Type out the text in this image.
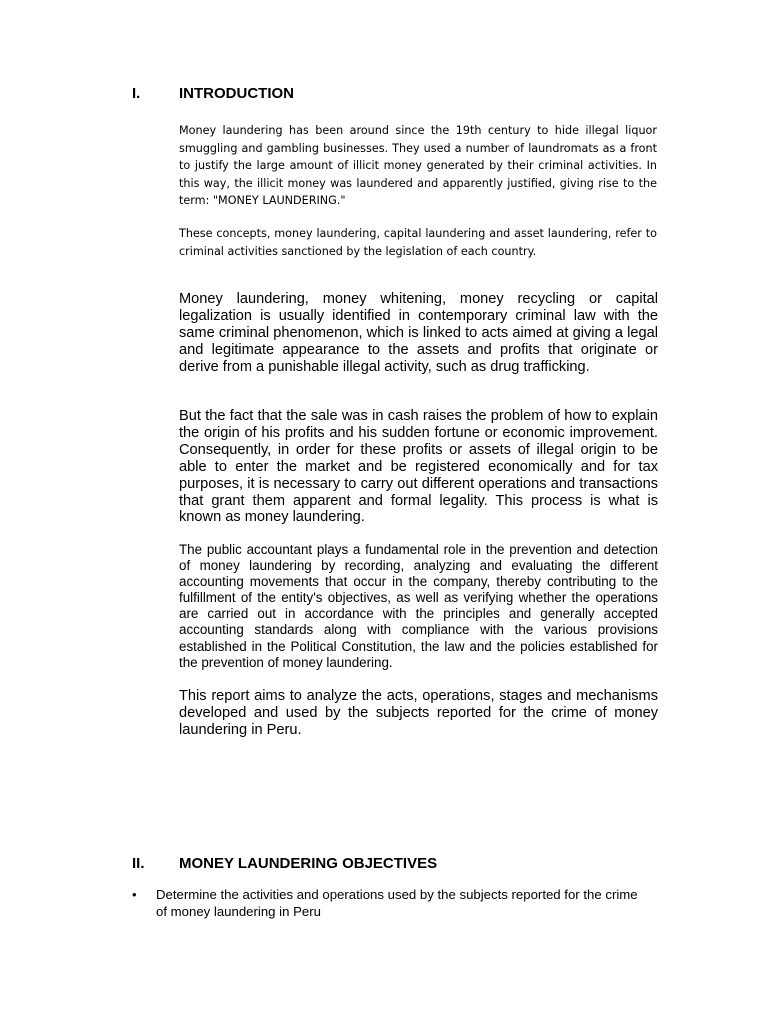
I.	INTRODUCTION

Money laundering has been around since the 19th century to hide illegal liquor smuggling and gambling businesses. They used a number of laundromats as a front to justify the large amount of illicit money generated by their criminal activities. In this way, the illicit money was laundered and apparently justified, giving rise to the term: "MONEY LAUNDERING."

These concepts, money laundering, capital laundering and asset laundering, refer to criminal activities sanctioned by the legislation of each country.

Money laundering, money whitening, money recycling or capital legalization is usually identified in contemporary criminal law with the same criminal phenomenon, which is linked to acts aimed at giving a legal and legitimate appearance to the assets and profits that originate or derive from a punishable illegal activity, such as drug trafficking.

But the fact that the sale was in cash raises the problem of how to explain the origin of his profits and his sudden fortune or economic improvement. Consequently, in order for these profits or assets of illegal origin to be able to enter the market and be registered economically and for tax purposes, it is necessary to carry out different operations and transactions that grant them apparent and formal legality. This process is what is known as money laundering.

The public accountant plays a fundamental role in the prevention and detection of money laundering by recording, analyzing and evaluating the different accounting movements that occur in the company, thereby contributing to the fulfillment of the entity's objectives, as well as verifying whether the operations are carried out in accordance with the principles and generally accepted accounting standards along with compliance with the various provisions established in the Political Constitution, the law and the policies established for the prevention of money laundering.

This report aims to analyze the acts, operations, stages and mechanisms developed and used by the subjects reported for the crime of money laundering in Peru.

II. MONEY LAUNDERING OBJECTIVES
• Determine the activities and operations used by the subjects reported for the crime of money laundering in Peru
